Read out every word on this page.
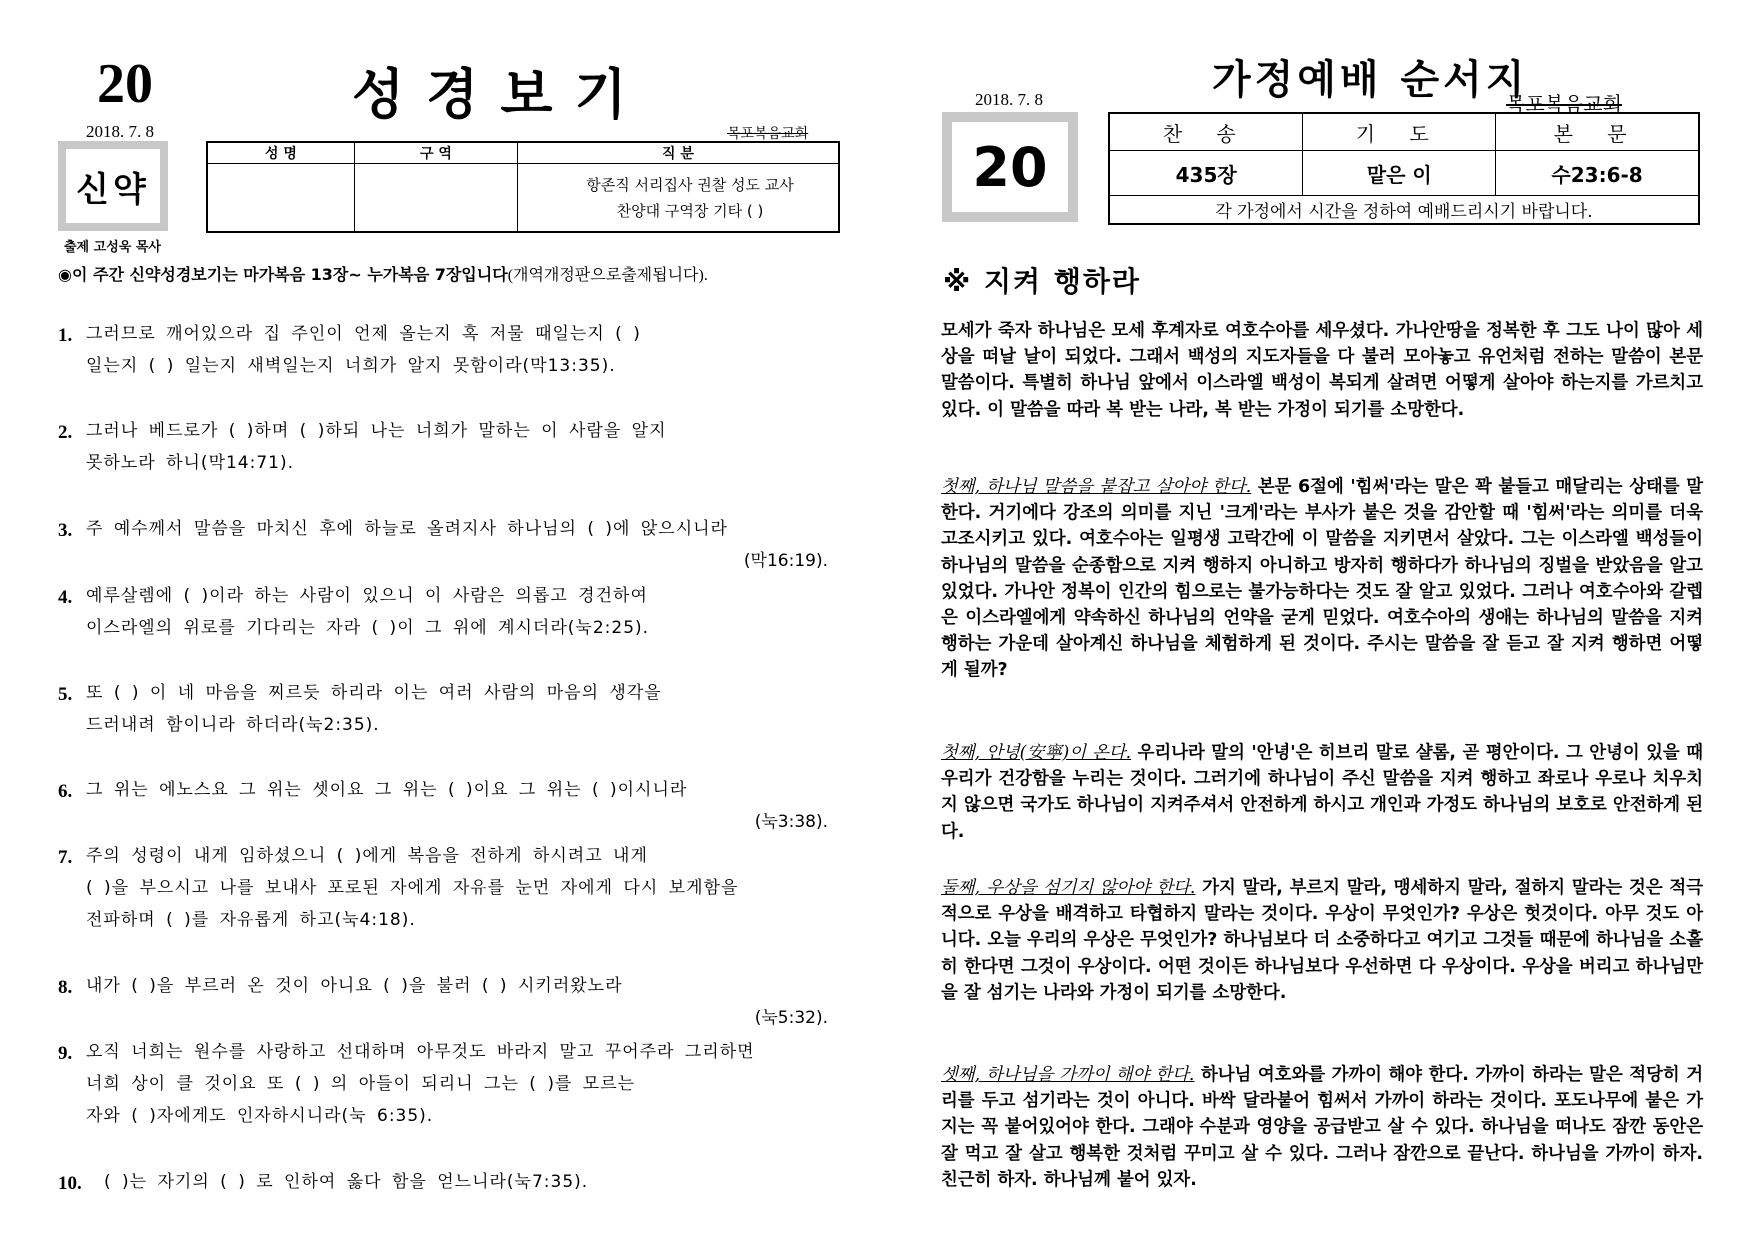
20	성경보기
2018. 7. 8	목포복음교회
신약
출제 고성욱 목사
성 명	구 역	직 분

		항존직 서리집사 권찰 성도 교사
찬양대 구역장 기타 ( )
◉이 주간 신약성경보기는 마가복음 13장~ 누가복음 7장입니다(개역개정판으로출제됩니다).
1. 그러므로 깨어있으라 집 주인이 언제 올는지 혹 저물 때일는지 ( )
일는지 ( ) 일는지 새벽일는지 너희가 알지 못함이라(막13:35).
2. 그러나 베드로가 ( )하며 ( )하되 나는 너희가 말하는 이 사람을 알지
못하노라 하니(막14:71).
3. 주 예수께서 말씀을 마치신 후에 하늘로 올려지사 하나님의 ( )에 앉으시니라
(막16:19).
4. 예루살렘에 ( )이라 하는 사람이 있으니 이 사람은 의롭고 경건하여
이스라엘의 위로를 기다리는 자라 ( )이 그 위에 계시더라(눅2:25).
5. 또 ( ) 이 네 마음을 찌르듯 하리라 이는 여러 사람의 마음의 생각을
드러내려 함이니라 하더라(눅2:35).
6. 그 위는 에노스요 그 위는 셋이요 그 위는 ( )이요 그 위는 ( )이시니라
(눅3:38).
7. 주의 성령이 내게 임하셨으니 ( )에게 복음을 전하게 하시려고 내게
( )을 부으시고 나를 보내사 포로된 자에게 자유를 눈먼 자에게 다시 보게함을
전파하며 ( )를 자유롭게 하고(눅4:18).
8. 내가 ( )을 부르러 온 것이 아니요 ( )을 불러 ( ) 시키러왔노라
(눅5:32).
9. 오직 너희는 원수를 사랑하고 선대하며 아무것도 바라지 말고 꾸어주라 그리하면
너희 상이 클 것이요 또 ( ) 의 아들이 되리니 그는 ( )를 모르는
자와 ( )자에게도 인자하시니라(눅 6:35).
10. ( )는 자기의 ( ) 로 인하여 옳다 함을 얻느니라(눅7:35).
가정예배 순서지
2018. 7. 8	목포복음교회
20
찬 송	기 도	본 문
435장	맡은 이	수23:6-8
각 가정에서 시간을 정하여 예배드리시기 바랍니다.		
※ 지켜 행하라
모세가 죽자 하나님은 모세 후계자로 여호수아를 세우셨다. 가나안땅을 정복한 후 그도 나이 많아 세상을 떠날 날이 되었다. 그래서 백성의 지도자들을 다 불러 모아놓고 유언처럼 전하는 말씀이 본문 말씀이다. 특별히 하나님 앞에서 이스라엘 백성이 복되게 살려면 어떻게 살아야 하는지를 가르치고 있다. 이 말씀을 따라 복 받는 나라, 복 받는 가정이 되기를 소망한다.
첫째, 하나님 말씀을 붙잡고 살아야 한다. 본문 6절에 '힘써'라는 말은 꽉 붙들고 매달리는 상태를 말한다. 거기에다 강조의 의미를 지닌 '크게'라는 부사가 붙은 것을 감안할 때 '힘써'라는 의미를 더욱 고조시키고 있다. 여호수아는 일평생 고락간에 이 말씀을 지키면서 살았다. 그는 이스라엘 백성들이 하나님의 말씀을 순종함으로 지켜 행하지 아니하고 방자히 행하다가 하나님의 징벌을 받았음을 알고 있었다. 가나안 정복이 인간의 힘으로는 불가능하다는 것도 잘 알고 있었다. 그러나 여호수아와 갈렙은 이스라엘에게 약속하신 하나님의 언약을 굳게 믿었다. 여호수아의 생애는 하나님의 말씀을 지켜 행하는 가운데 살아계신 하나님을 체험하게 된 것이다. 주시는 말씀을 잘 듣고 잘 지켜 행하면 어떻게 될까?
첫째, 안녕(安寧)이 온다. 우리나라 말의 '안녕'은 히브리 말로 샬롬, 곧 평안이다. 그 안녕이 있을 때 우리가 건강함을 누리는 것이다. 그러기에 하나님이 주신 말씀을 지켜 행하고 좌로나 우로나 치우치지 않으면 국가도 하나님이 지켜주셔서 안전하게 하시고 개인과 가정도 하나님의 보호로 안전하게 된다.
둘째, 우상을 섬기지 않아야 한다. 가지 말라, 부르지 말라, 맹세하지 말라, 절하지 말라는 것은 적극적으로 우상을 배격하고 타협하지 말라는 것이다. 우상이 무엇인가? 우상은 헛것이다. 아무 것도 아니다. 오늘 우리의 우상은 무엇인가? 하나님보다 더 소중하다고 여기고 그것들 때문에 하나님을 소홀히 한다면 그것이 우상이다. 어떤 것이든 하나님보다 우선하면 다 우상이다. 우상을 버리고 하나님만을 잘 섬기는 나라와 가정이 되기를 소망한다.
셋째, 하나님을 가까이 해야 한다. 하나님 여호와를 가까이 해야 한다. 가까이 하라는 말은 적당히 거리를 두고 섬기라는 것이 아니다. 바싹 달라붙어 힘써서 가까이 하라는 것이다. 포도나무에 붙은 가지는 꼭 붙어있어야 한다. 그래야 수분과 영양을 공급받고 살 수 있다. 하나님을 떠나도 잠깐 동안은 잘 먹고 잘 살고 행복한 것처럼 꾸미고 살 수 있다. 그러나 잠깐으로 끝난다. 하나님을 가까이 하자. 친근히 하자. 하나님께 붙어 있자.
